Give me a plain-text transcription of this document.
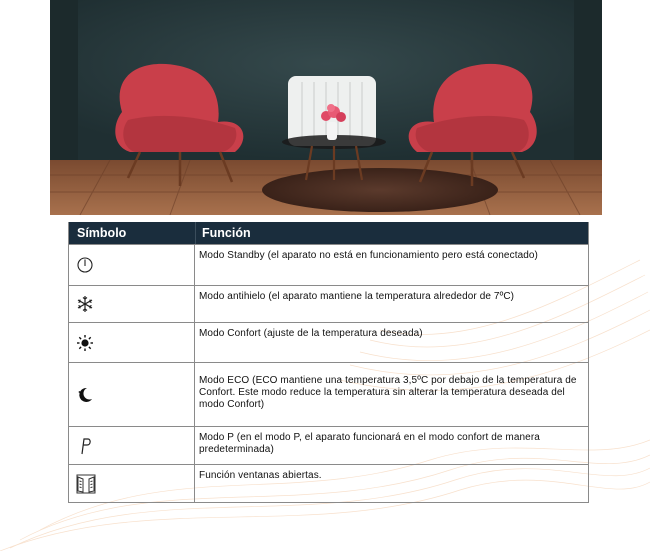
Símbolo	Función
Modo Standby (el aparato no está en funcionamiento pero está conectado)
Modo antihielo (el aparato mantiene la temperatura alrededor de 7ºC)
Modo Confort (ajuste de la temperatura deseada)
Modo ECO (ECO mantiene una temperatura 3,5ºC por debajo de la temperatura de Confort. Este modo reduce la temperatura sin alterar la temperatura deseada del modo Confort)
Modo P (en el modo P, el aparato funcionará en el modo confort de manera predeterminada)
Función ventanas abiertas.
